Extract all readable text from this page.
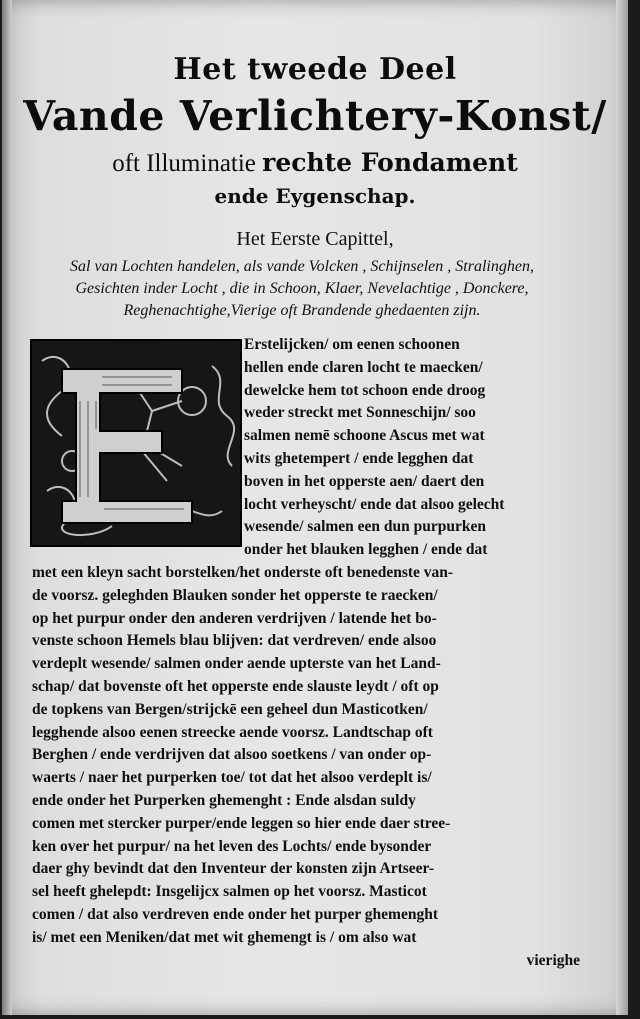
Het tweede Deel
Vande Verlichtery-Konst/
oft Illuminatie rechte Fondament
ende Eygenschap.
Het Eerste Capittel,
Sal van Lochten handelen, als vande Volcken , Schijnselen , Stralinghen,
Gesichten inder Locht , die in Schoon, Klaer, Nevelachtige , Donckere,
Reghenachtighe,Vierige oft Brandende ghedaenten zijn.
Erstelijcken/ om eenen schoonen
hellen ende claren locht te maecken/
dewelcke hem tot schoon ende droog
weder streckt met Sonneschijn/ soo
salmen nemē schoone Ascus met wat
wits ghetempert / ende legghen dat
boven in het opperste aen/ daert den
locht verheyscht/ ende dat alsoo gelecht
wesende/ salmen een dun purpurken
onder het blauken legghen / ende dat
met een kleyn sacht borstelken/het onderste oft benedenste van-
de voorsz. geleghden Blauken sonder het opperste te raecken/
op het purpur onder den anderen verdrijven / latende het bo-
venste schoon Hemels blau blijven: dat verdreven/ ende alsoo
verdeplt wesende/ salmen onder aende upterste van het Land-
schap/ dat bovenste oft het opperste ende slauste leydt / oft op
de topkens van Bergen/strijckē een geheel dun Masticotken/
legghende alsoo eenen streecke aende voorsz. Landtschap oft
Berghen / ende verdrijven dat alsoo soetkens / van onder op-
waerts / naer het purperken toe/ tot dat het alsoo verdeplt is/
ende onder het Purperken ghemenght : Ende alsdan suldy
comen met stercker purper/ende leggen so hier ende daer stree-
ken over het purpur/ na het leven des Lochts/ ende bysonder
daer ghy bevindt dat den Inventeur der konsten zijn Artseer-
sel heeft ghelepdt: Insgelijcx salmen op het voorsz. Masticot
comen / dat also verdreven ende onder het purper ghemenght
is/ met een Meniken/dat met wit ghemengt is / om also wat
vierighe
